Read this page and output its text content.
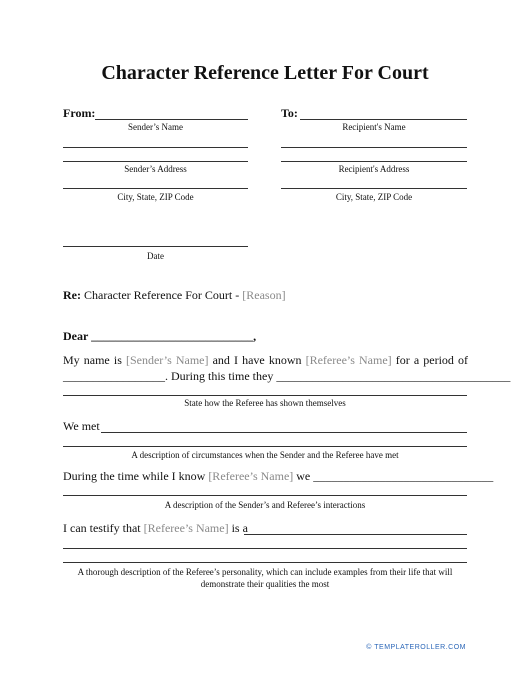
Character Reference Letter For Court
From:	To:
Sender’s Name	Recipient's Name
Sender’s Address	Recipient's Address
City, State, ZIP Code	City, State, ZIP Code
Date
Re: Character Reference For Court - [Reason]
Dear ___________________________,
My name is [Sender’s Name] and I have known [Referee’s Name] for a period of
_________________. During this time they _______________________________________
State how the Referee has shown themselves
We met
A description of circumstances when the Sender and the Referee have met
During the time while I know [Referee’s Name] we ______________________________
A description of the Sender’s and Referee’s interactions
I can testify that [Referee’s Name] is a
A thorough description of the Referee’s personality, which can include examples from their life that will
demonstrate their qualities the most
© TEMPLATEROLLER.COM
